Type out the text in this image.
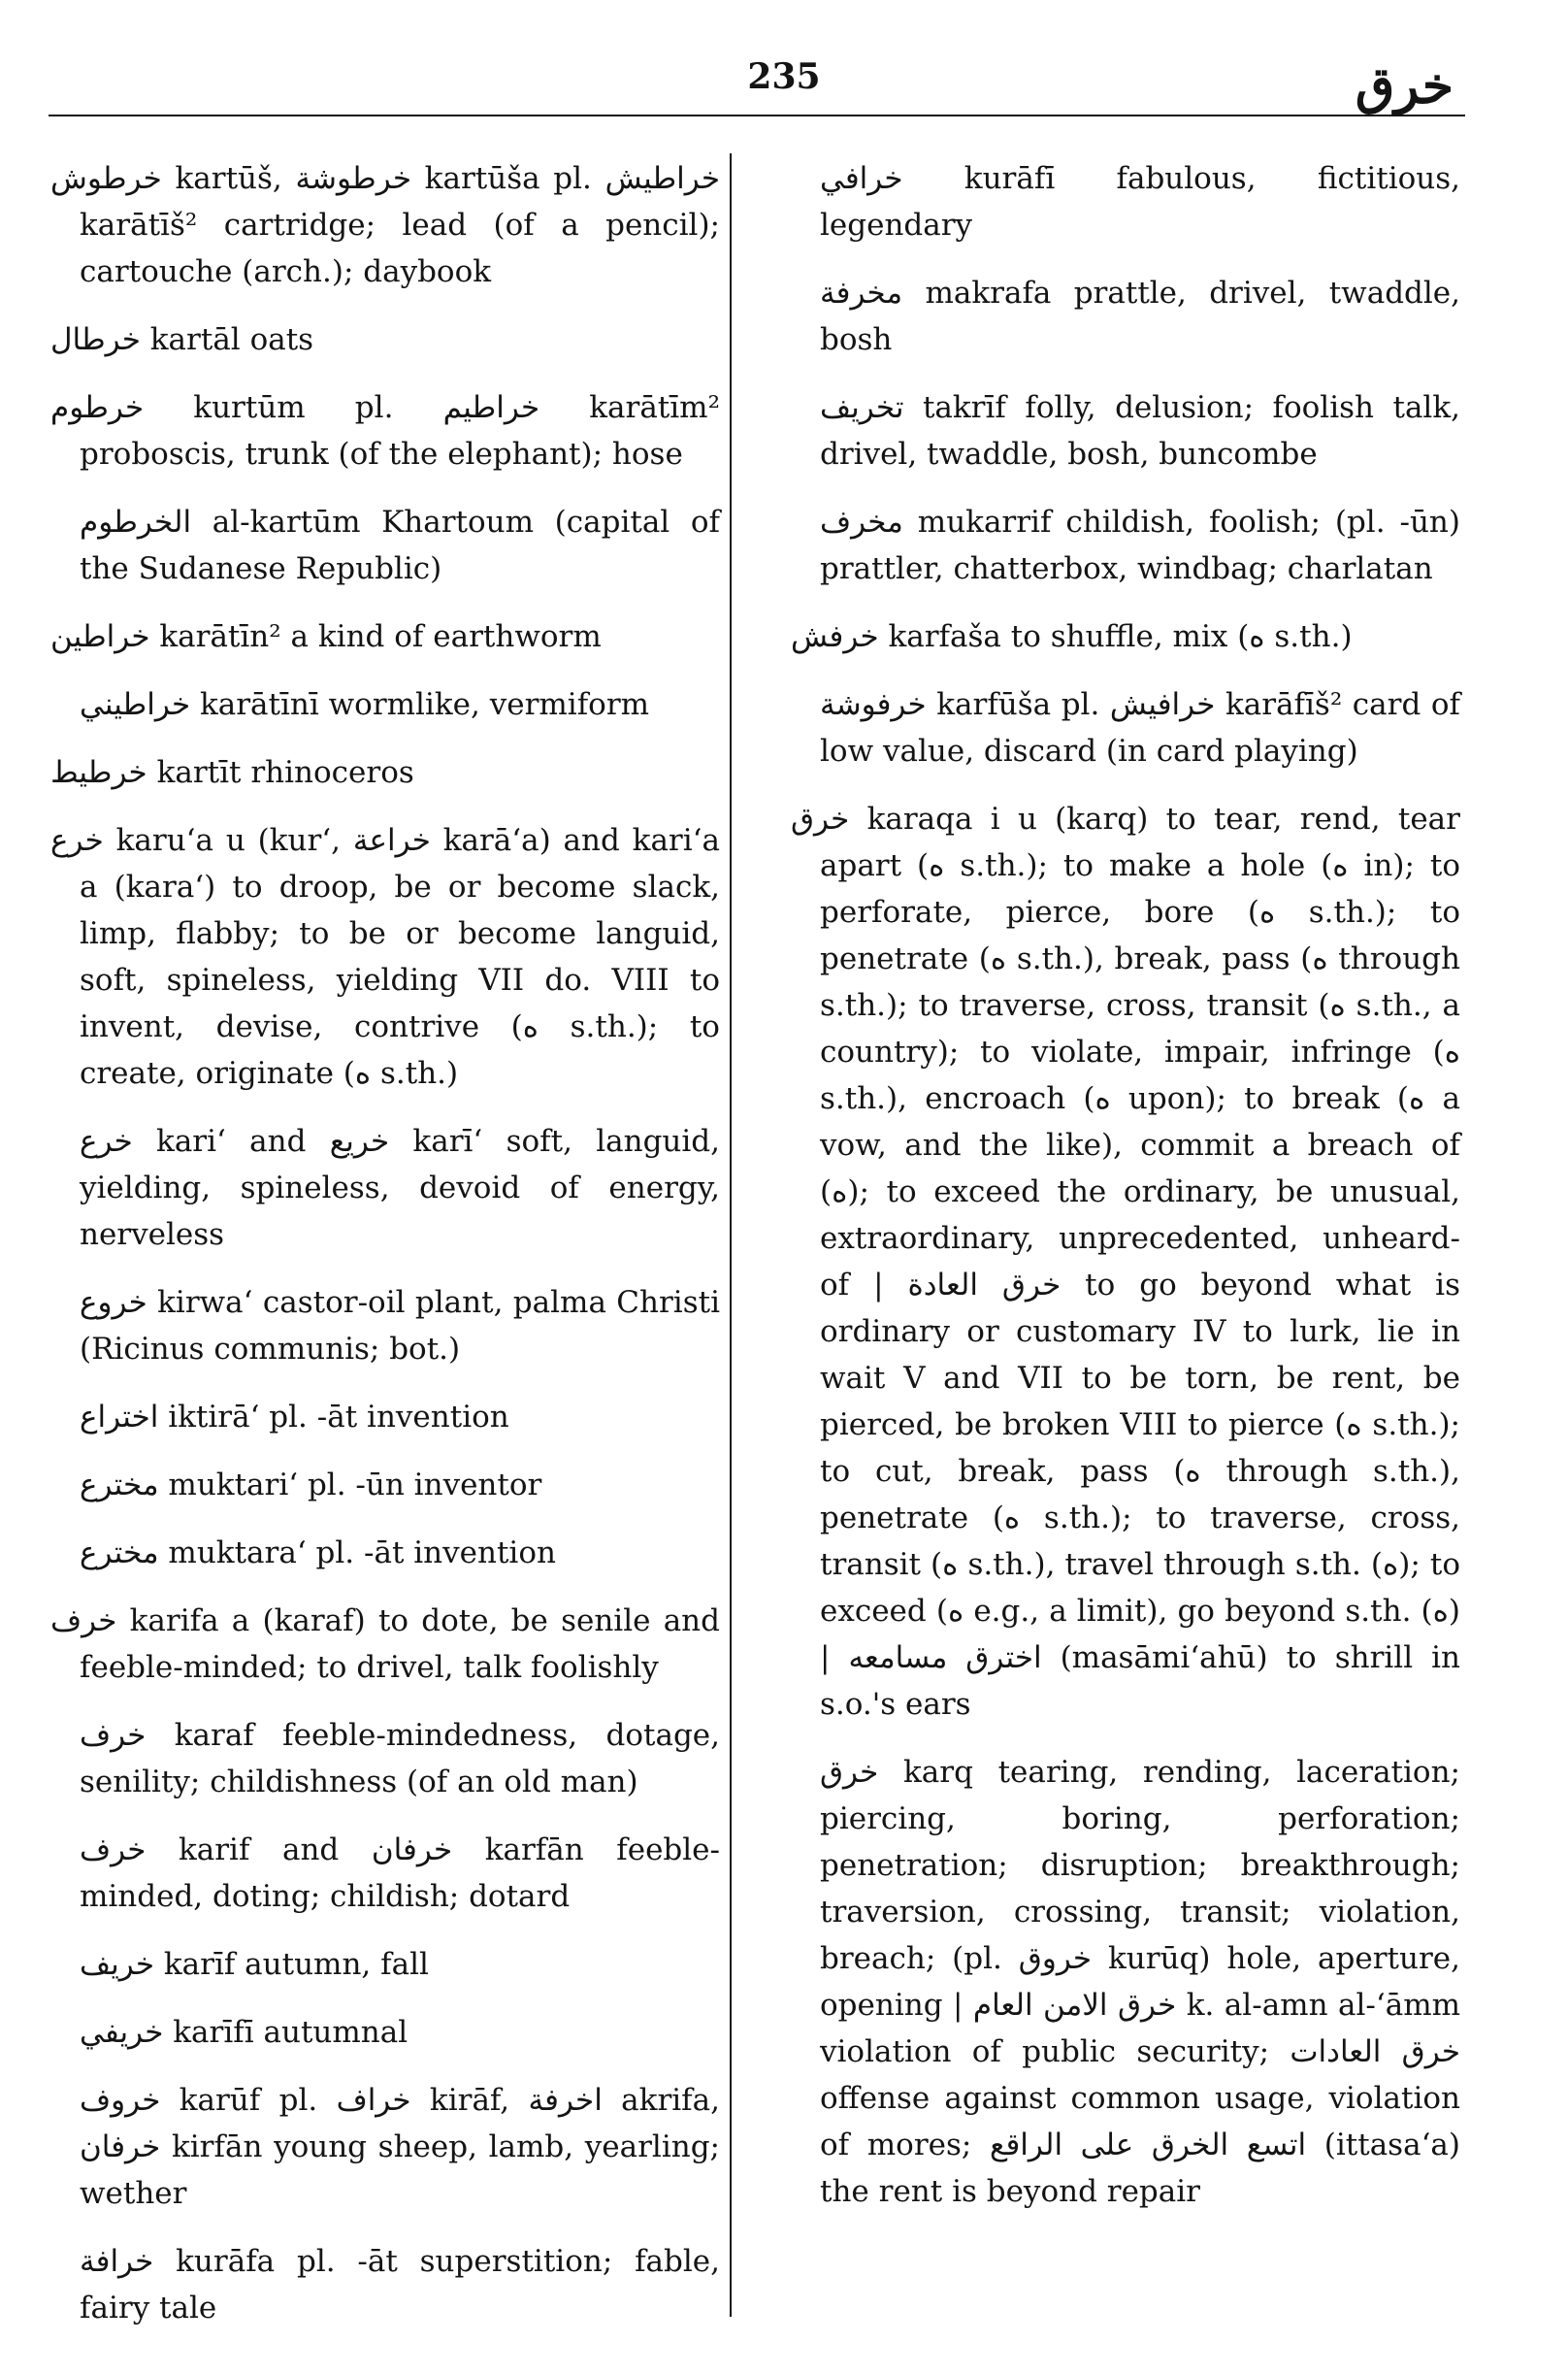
235	خرق

خرطوش kartūš, خرطوشة kartūša pl. خراطيش karātīš² cartridge; lead (of a pencil); cartouche (arch.); daybook

خرطال kartāl oats

خرطوم kurtūm pl. خراطيم karātīm² proboscis, trunk (of the elephant); hose

الخرطوم al-kartūm Khartoum (capital of the Sudanese Republic)

خراطين karātīn² a kind of earthworm

خراطيني karātīnī wormlike, vermiform

خرطيط kartīt rhinoceros

خرع karu‘a u (kur‘, خراعة karā‘a) and kari‘a a (kara‘) to droop, be or become slack, limp, flabby; to be or become languid, soft, spineless, yielding VII do. VIII to invent, devise, contrive (ه s.th.); to create, originate (ه s.th.)

خرع kari‘ and خريع karī‘ soft, languid, yielding, spineless, devoid of energy, nerveless

خروع kirwa‘ castor-oil plant, palma Christi (Ricinus communis; bot.)

اختراع iktirā‘ pl. -āt invention

مخترع muktari‘ pl. -ūn inventor

مخترع muktara‘ pl. -āt invention

خرف karifa a (karaf) to dote, be senile and feeble-minded; to drivel, talk foolishly

خرف karaf feeble-mindedness, dotage, senility; childishness (of an old man)

خرف karif and خرفان karfān feeble-minded, doting; childish; dotard

خريف karīf autumn, fall

خريفي karīfī autumnal

خروف karūf pl. خراف kirāf, اخرفة akrifa, خرفان kirfān young sheep, lamb, yearling; wether

خرافة kurāfa pl. -āt superstition; fable, fairy tale

خرافي kurāfī fabulous, fictitious, legendary

مخرفة makrafa prattle, drivel, twaddle, bosh

تخريف takrīf folly, delusion; foolish talk, drivel, twaddle, bosh, buncombe

مخرف mukarrif childish, foolish; (pl. -ūn) prattler, chatterbox, windbag; charlatan

خرفش karfaša to shuffle, mix (ه s.th.)

خرفوشة karfūša pl. خرافيش karāfīš² card of low value, discard (in card playing)

خرق karaqa i u (karq) to tear, rend, tear apart (ه s.th.); to make a hole (ه in); to perforate, pierce, bore (ه s.th.); to penetrate (ه s.th.), break, pass (ه through s.th.); to traverse, cross, transit (ه s.th., a country); to violate, impair, infringe (ه s.th.), encroach (ه upon); to break (ه a vow, and the like), commit a breach of (ه); to exceed the ordinary, be unusual, extraordinary, unprecedented, unheard-of | خرق العادة to go beyond what is ordinary or customary IV to lurk, lie in wait V and VII to be torn, be rent, be pierced, be broken VIII to pierce (ه s.th.); to cut, break, pass (ه through s.th.), penetrate (ه s.th.); to traverse, cross, transit (ه s.th.), travel through s.th. (ه); to exceed (ه e.g., a limit), go beyond s.th. (ه) | اخترق مسامعه (masāmi‘ahū) to shrill in s.o.'s ears

خرق karq tearing, rending, laceration; piercing, boring, perforation; penetration; disruption; breakthrough; traversion, crossing, transit; violation, breach; (pl. خروق kurūq) hole, aperture, opening | خرق الامن العام k. al-amn al-‘āmm violation of public security; خرق العادات offense against common usage, violation of mores; اتسع الخرق على الراقع (ittasa‘a) the rent is beyond repair
